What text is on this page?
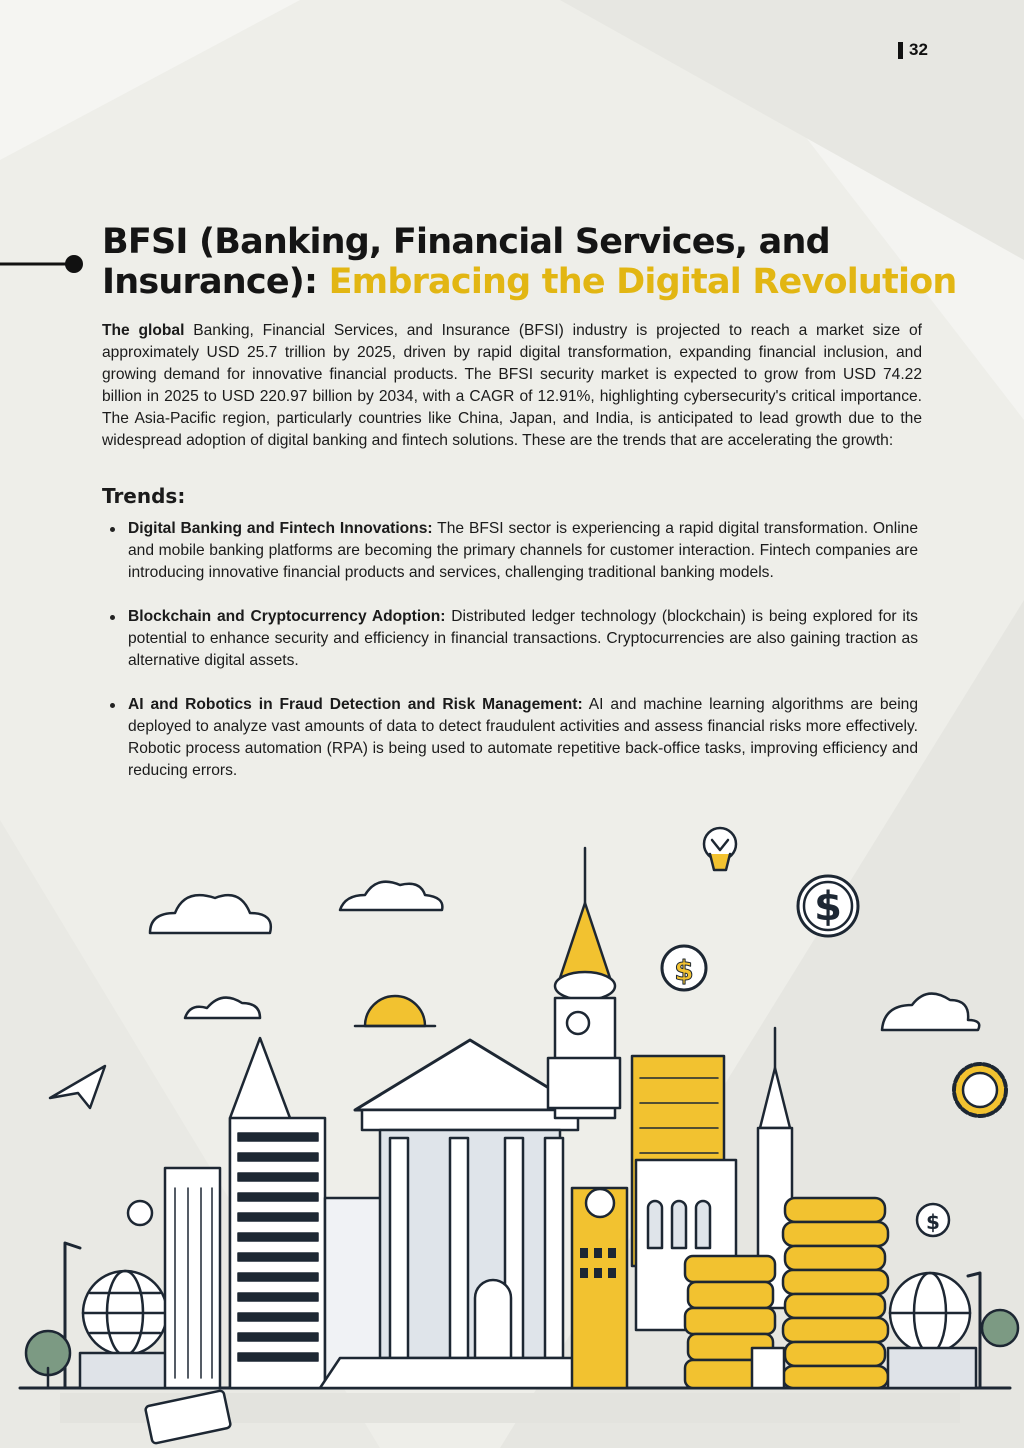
32
BFSI (Banking, Financial Services, and Insurance): Embracing the Digital Revolution

The global Banking, Financial Services, and Insurance (BFSI) industry is projected to reach a market size of approximately USD 25.7 trillion by 2025, driven by rapid digital transformation, expanding financial inclusion, and growing demand for innovative financial products. The BFSI security market is expected to grow from USD 74.22 billion in 2025 to USD 220.97 billion by 2034, with a CAGR of 12.91%, highlighting cybersecurity's critical importance. The Asia-Pacific region, particularly countries like China, Japan, and India, is anticipated to lead growth due to the widespread adoption of digital banking and fintech solutions. These are the trends that are accelerating the growth:

Trends:
Digital Banking and Fintech Innovations: The BFSI sector is experiencing a rapid digital transformation. Online and mobile banking platforms are becoming the primary channels for customer interaction. Fintech companies are introducing innovative financial products and services, challenging traditional banking models.
Blockchain and Cryptocurrency Adoption: Distributed ledger technology (blockchain) is being explored for its potential to enhance security and efficiency in financial transactions. Cryptocurrencies are also gaining traction as alternative digital assets.
AI and Robotics in Fraud Detection and Risk Management: AI and machine learning algorithms are being deployed to analyze vast amounts of data to detect fraudulent activities and assess financial risks more effectively. Robotic process automation (RPA) is being used to automate repetitive back-office tasks, improving efficiency and reducing errors.
$
$
$
